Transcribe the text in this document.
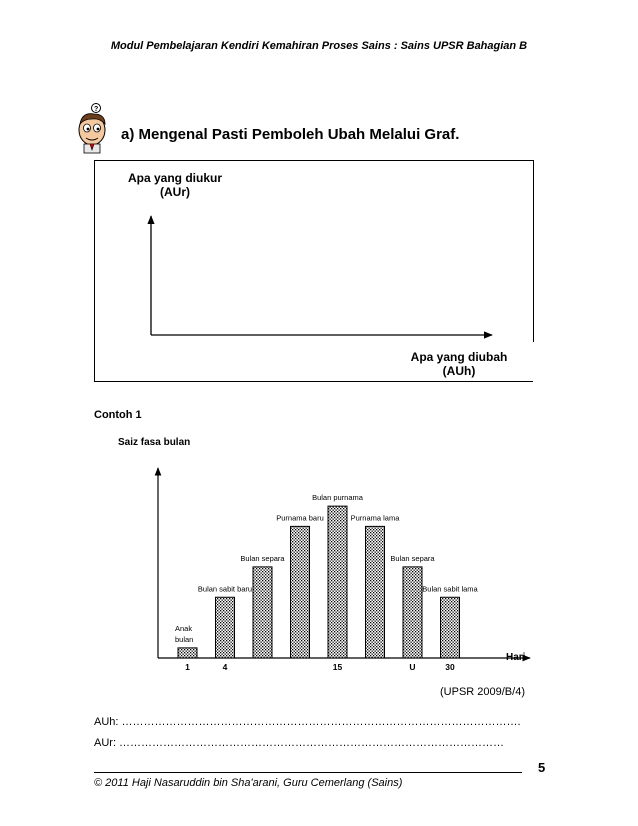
Modul Pembelajaran Kendiri Kemahiran Proses Sains : Sains UPSR Bahagian B
?
a) Mengenal Pasti Pemboleh Ubah Melalui Graf.
Apa yang diukur
(AUr)
Apa yang diubah
(AUh)
Contoh 1
Saiz fasa bulan
Hari
Anak
bulan
1
Bulan sabit baru
4
Bulan separa
Purnama baru
Bulan purnama
15
Purnama lama
Bulan separa
U
Bulan sabit lama
30
(UPSR 2009/B/4)
AUh: ……………………………………………………………………………………………….
AUr: ……………………………………………………………………………………………
5
© 2011 Haji Nasaruddin bin Sha'arani, Guru Cemerlang (Sains)
